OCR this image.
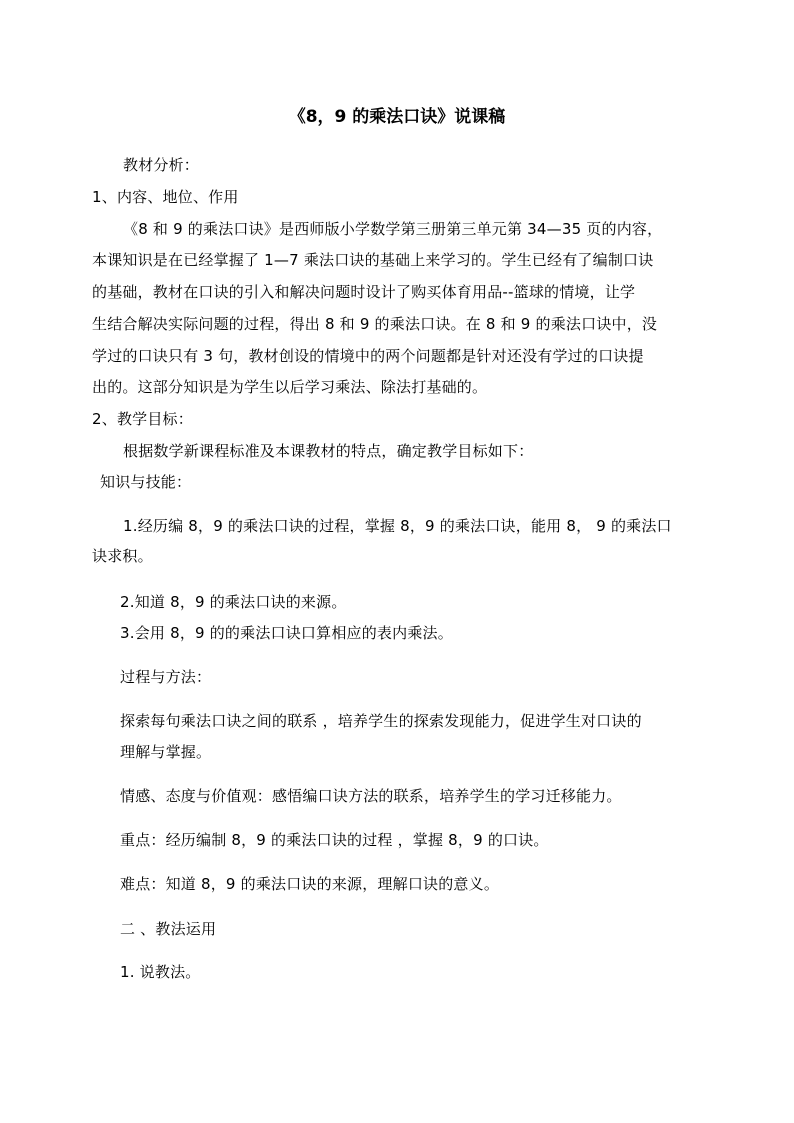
《8，9 的乘法口诀》说课稿
教材分析：
1、内容、地位、作用
《8 和 9 的乘法口诀》是西师版小学数学第三册第三单元第 34—35 页的内容，
本课知识是在已经掌握了 1—7 乘法口诀的基础上来学习的。学生已经有了编制口诀
的基础，教材在口诀的引入和解决问题时设计了购买体育用品--篮球的情境，让学
生结合解决实际问题的过程，得出 8 和 9 的乘法口诀。在 8 和 9 的乘法口诀中，没
学过的口诀只有 3 句，教材创设的情境中的两个问题都是针对还没有学过的口诀提
出的。这部分知识是为学生以后学习乘法、除法打基础的。
2、教学目标：
根据数学新课程标准及本课教材的特点，确定教学目标如下：
知识与技能：
1.经历编 8，9 的乘法口诀的过程，掌握 8，9 的乘法口诀，能用 8， 9 的乘法口
诀求积。
2.知道 8，9 的乘法口诀的来源。
3.会用 8，9 的的乘法口诀口算相应的表内乘法。
过程与方法：
探索每句乘法口诀之间的联系 ，培养学生的探索发现能力，促进学生对口诀的
理解与掌握。
情感、态度与价值观：感悟编口诀方法的联系，培养学生的学习迁移能力。
重点：经历编制 8，9 的乘法口诀的过程 ，掌握 8，9 的口诀。
难点：知道 8，9 的乘法口诀的来源，理解口诀的意义。
二 、教法运用
1. 说教法。
